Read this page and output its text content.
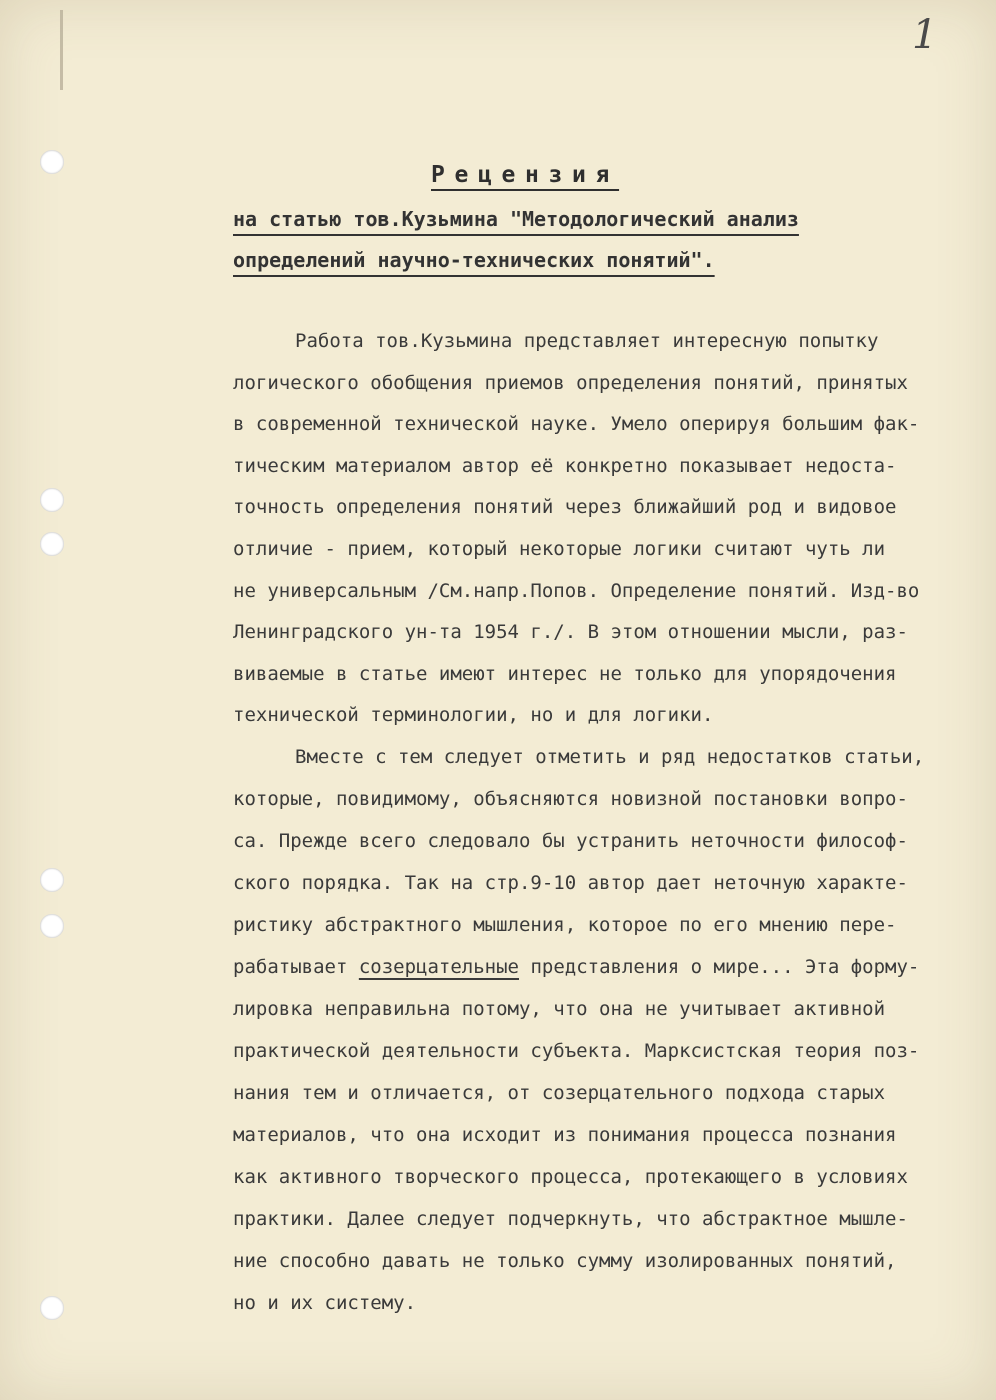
1
Рецензия
на статью тов.Кузьмина "Методологический анализ
определений научно-технических понятий".
Работа тов.Кузьмина представляет интересную попытку
логического обобщения приемов определения понятий, принятых
в современной технической науке. Умело оперируя большим фак-
тическим материалом автор её конкретно показывает недоста-
точность определения понятий через ближайший род и видовое
отличие - прием, который некоторые логики считают чуть ли
не универсальным /См.напр.Попов. Определение понятий. Изд-во
Ленинградского ун-та 1954 г./. В этом отношении мысли, раз-
виваемые в статье имеют интерес не только для упорядочения
технической терминологии, но и для логики.
Вместе с тем следует отметить и ряд недостатков статьи,
которые, повидимому, объясняются новизной постановки вопро-
са. Прежде всего следовало бы устранить неточности философ-
ского порядка. Так на стр.9-10 автор дает неточную характе-
ристику абстрактного мышления, которое по его мнению пере-
рабатывает созерцательные представления о мире... Эта форму-
лировка неправильна потому, что она не учитывает активной
практической деятельности субъекта. Марксистская теория поз-
нания тем и отличается, от созерцательного подхода старых
материалов, что она исходит из понимания процесса познания
как активного творческого процесса, протекающего в условиях
практики. Далее следует подчеркнуть, что абстрактное мышле-
ние способно давать не только сумму изолированных понятий,
но и их систему.
